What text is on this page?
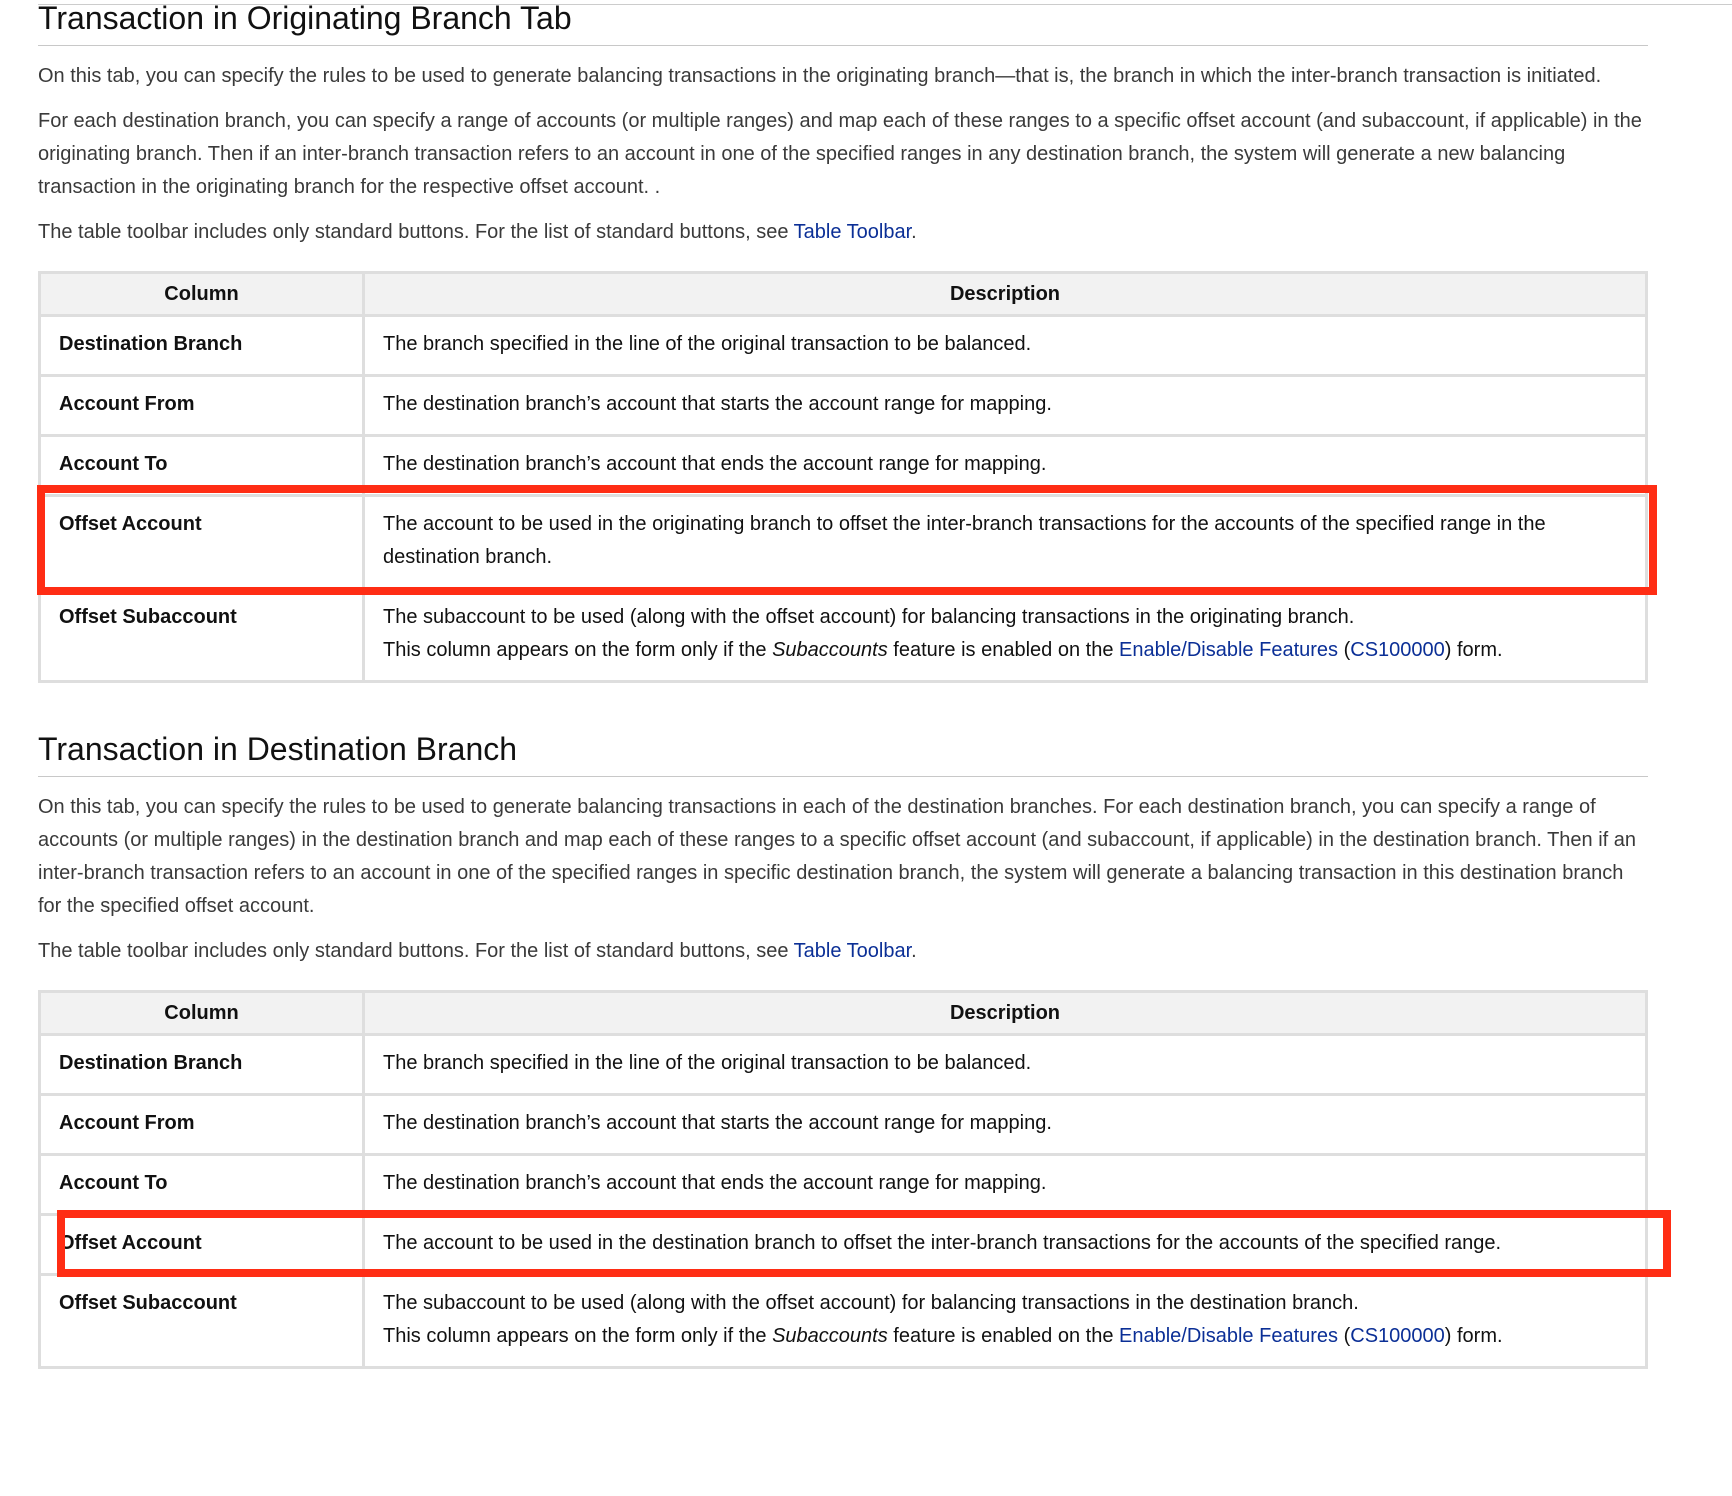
Transaction in Originating Branch Tab

On this tab, you can specify the rules to be used to generate balancing transactions in the originating branch—that is, the branch in which the inter-branch transaction is initiated.

For each destination branch, you can specify a range of accounts (or multiple ranges) and map each of these ranges to a specific offset account (and subaccount, if applicable) in the originating branch. Then if an inter-branch transaction refers to an account in one of the specified ranges in any destination branch, the system will generate a new balancing transaction in the originating branch for the respective offset account. .

The table toolbar includes only standard buttons. For the list of standard buttons, see Table Toolbar.

Column	Description
Destination Branch	The branch specified in the line of the original transaction to be balanced.
Account From	The destination branch’s account that starts the account range for mapping.
Account To	The destination branch’s account that ends the account range for mapping.
Offset Account	The account to be used in the originating branch to offset the inter-branch transactions for the accounts of the specified range in the destination branch.
Offset Subaccount	The subaccount to be used (along with the offset account) for balancing transactions in the originating branch.
This column appears on the form only if the Subaccounts feature is enabled on the Enable/Disable Features (CS100000) form.
Transaction in Destination Branch

On this tab, you can specify the rules to be used to generate balancing transactions in each of the destination branches. For each destination branch, you can specify a range of accounts (or multiple ranges) in the destination branch and map each of these ranges to a specific offset account (and subaccount, if applicable) in the destination branch. Then if an inter-branch transaction refers to an account in one of the specified ranges in specific destination branch, the system will generate a balancing transaction in this destination branch for the specified offset account.

The table toolbar includes only standard buttons. For the list of standard buttons, see Table Toolbar.

Column	Description
Destination Branch	The branch specified in the line of the original transaction to be balanced.
Account From	The destination branch’s account that starts the account range for mapping.
Account To	The destination branch’s account that ends the account range for mapping.
Offset Account	The account to be used in the destination branch to offset the inter-branch transactions for the accounts of the specified range.
Offset Subaccount	The subaccount to be used (along with the offset account) for balancing transactions in the destination branch.
This column appears on the form only if the Subaccounts feature is enabled on the Enable/Disable Features (CS100000) form.
